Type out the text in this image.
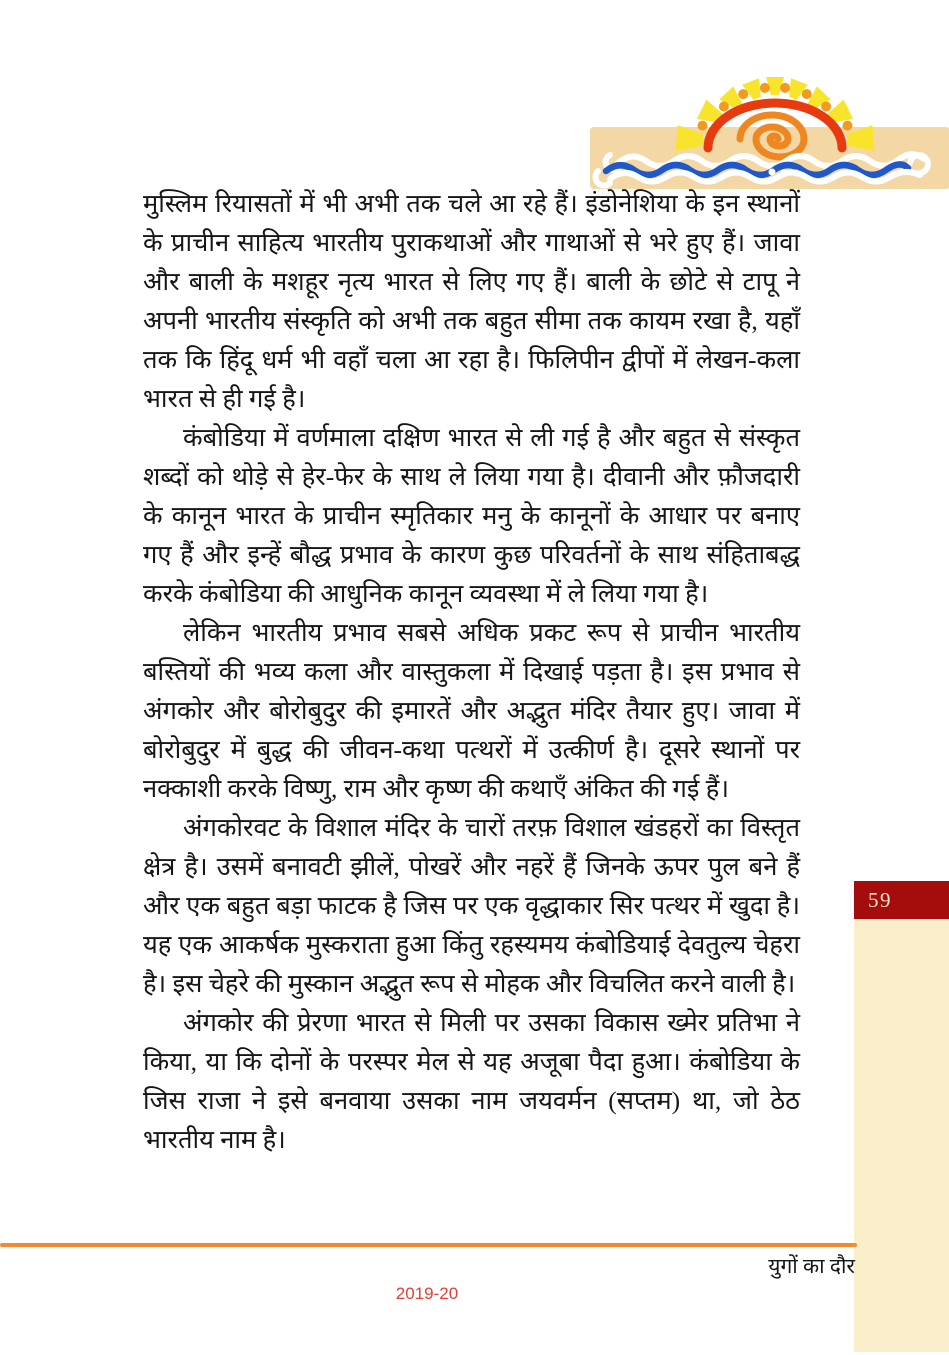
मुस्लिम रियासतों में भी अभी तक चले आ रहे हैं। इंडोनेशिया के इन स्थानों के प्राचीन साहित्य भारतीय पुराकथाओं और गाथाओं से भरे हुए हैं। जावा और बाली के मशहूर नृत्य भारत से लिए गए हैं। बाली के छोटे से टापू ने अपनी भारतीय संस्कृति को अभी तक बहुत सीमा तक कायम रखा है, यहाँ तक कि हिंदू धर्म भी वहाँ चला आ रहा है। फिलिपीन द्वीपों में लेखन-कला भारत से ही गई है।

कंबोडिया में वर्णमाला दक्षिण भारत से ली गई है और बहुत से संस्कृत शब्दों को थोड़े से हेर-फेर के साथ ले लिया गया है। दीवानी और फ़ौजदारी के कानून भारत के प्राचीन स्मृतिकार मनु के कानूनों के आधार पर बनाए गए हैं और इन्हें बौद्ध प्रभाव के कारण कुछ परिवर्तनों के साथ संहिताबद्ध करके कंबोडिया की आधुनिक कानून व्यवस्था में ले लिया गया है।

लेकिन भारतीय प्रभाव सबसे अधिक प्रकट रूप से प्राचीन भारतीय बस्तियों की भव्य कला और वास्तुकला में दिखाई पड़ता है। इस प्रभाव से अंगकोर और बोरोबुदुर की इमारतें और अद्भुत मंदिर तैयार हुए। जावा में बोरोबुदुर में बुद्ध की जीवन-कथा पत्थरों में उत्कीर्ण है। दूसरे स्थानों पर नक्काशी करके विष्णु, राम और कृष्ण की कथाएँ अंकित की गई हैं।

अंगकोरवट के विशाल मंदिर के चारों तरफ़ विशाल खंडहरों का विस्तृत क्षेत्र है। उसमें बनावटी झीलें, पोखरें और नहरें हैं जिनके ऊपर पुल बने हैं और एक बहुत बड़ा फाटक है जिस पर एक वृद्धाकार सिर पत्थर में खुदा है। यह एक आकर्षक मुस्कराता हुआ किंतु रहस्यमय कंबोडियाई देवतुल्य चेहरा है। इस चेहरे की मुस्कान अद्भुत रूप से मोहक और विचलित करने वाली है।

अंगकोर की प्रेरणा भारत से मिली पर उसका विकास ख्मेर प्रतिभा ने किया, या कि दोनों के परस्पर मेल से यह अजूबा पैदा हुआ। कंबोडिया के जिस राजा ने इसे बनवाया उसका नाम जयवर्मन (सप्तम) था, जो ठेठ भारतीय नाम है।

59
युगों का दौर
2019-20
